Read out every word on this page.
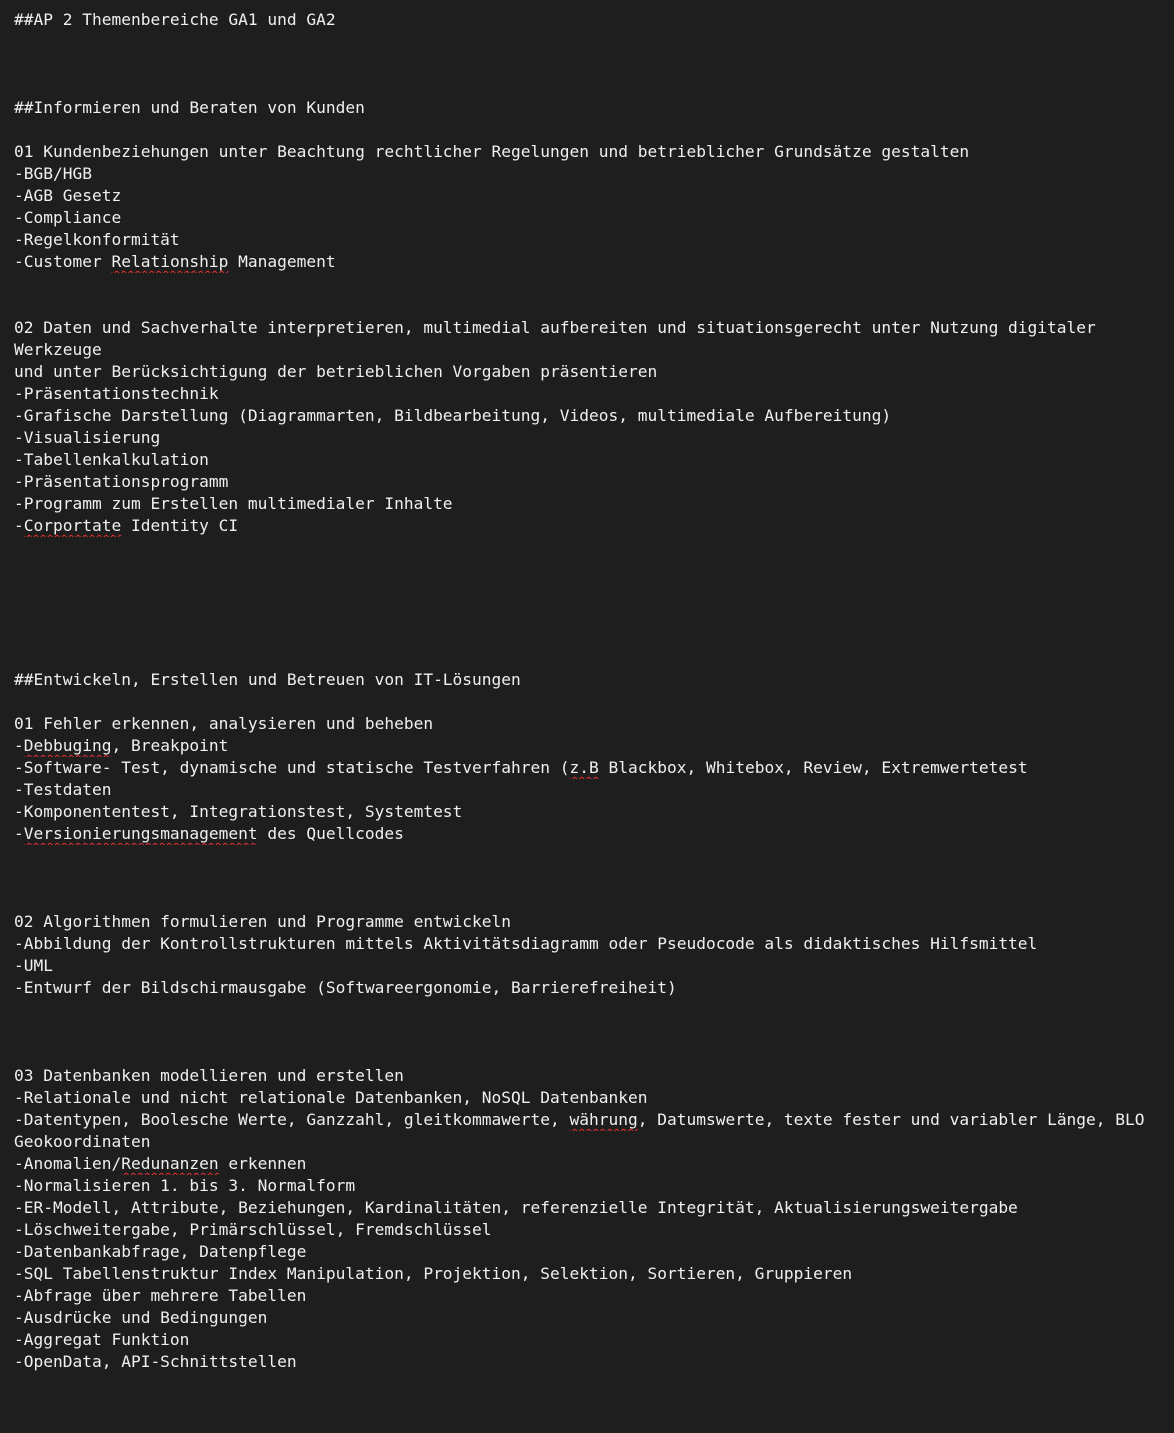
##AP 2 Themenbereiche GA1 und GA2
##Informieren und Beraten von Kunden
01 Kundenbeziehungen unter Beachtung rechtlicher Regelungen und betrieblicher Grundsätze gestalten
-BGB/HGB
-AGB Gesetz
-Compliance
-Regelkonformität
-Customer Relationship Management
02 Daten und Sachverhalte interpretieren, multimedial aufbereiten und situationsgerecht unter Nutzung digitaler
Werkzeuge
und unter Berücksichtigung der betrieblichen Vorgaben präsentieren
-Präsentationstechnik
-Grafische Darstellung (Diagrammarten, Bildbearbeitung, Videos, multimediale Aufbereitung)
-Visualisierung
-Tabellenkalkulation
-Präsentationsprogramm
-Programm zum Erstellen multimedialer Inhalte
-Corportate Identity CI
##Entwickeln, Erstellen und Betreuen von IT-Lösungen
01 Fehler erkennen, analysieren und beheben
-Debbuging, Breakpoint
-Software- Test, dynamische und statische Testverfahren (z.B Blackbox, Whitebox, Review, Extremwertetest
-Testdaten
-Komponententest, Integrationstest, Systemtest
-Versionierungsmanagement des Quellcodes
02 Algorithmen formulieren und Programme entwickeln
-Abbildung der Kontrollstrukturen mittels Aktivitätsdiagramm oder Pseudocode als didaktisches Hilfsmittel
-UML
-Entwurf der Bildschirmausgabe (Softwareergonomie, Barrierefreiheit)
03 Datenbanken modellieren und erstellen
-Relationale und nicht relationale Datenbanken, NoSQL Datenbanken
-Datentypen, Boolesche Werte, Ganzzahl, gleitkommawerte, währung, Datumswerte, texte fester und variabler Länge, BLO
Geokoordinaten
-Anomalien/Redunanzen erkennen
-Normalisieren 1. bis 3. Normalform
-ER-Modell, Attribute, Beziehungen, Kardinalitäten, referenzielle Integrität, Aktualisierungsweitergabe
-Löschweitergabe, Primärschlüssel, Fremdschlüssel
-Datenbankabfrage, Datenpflege
-SQL Tabellenstruktur Index Manipulation, Projektion, Selektion, Sortieren, Gruppieren
-Abfrage über mehrere Tabellen
-Ausdrücke und Bedingungen
-Aggregat Funktion
-OpenData, API-Schnittstellen
